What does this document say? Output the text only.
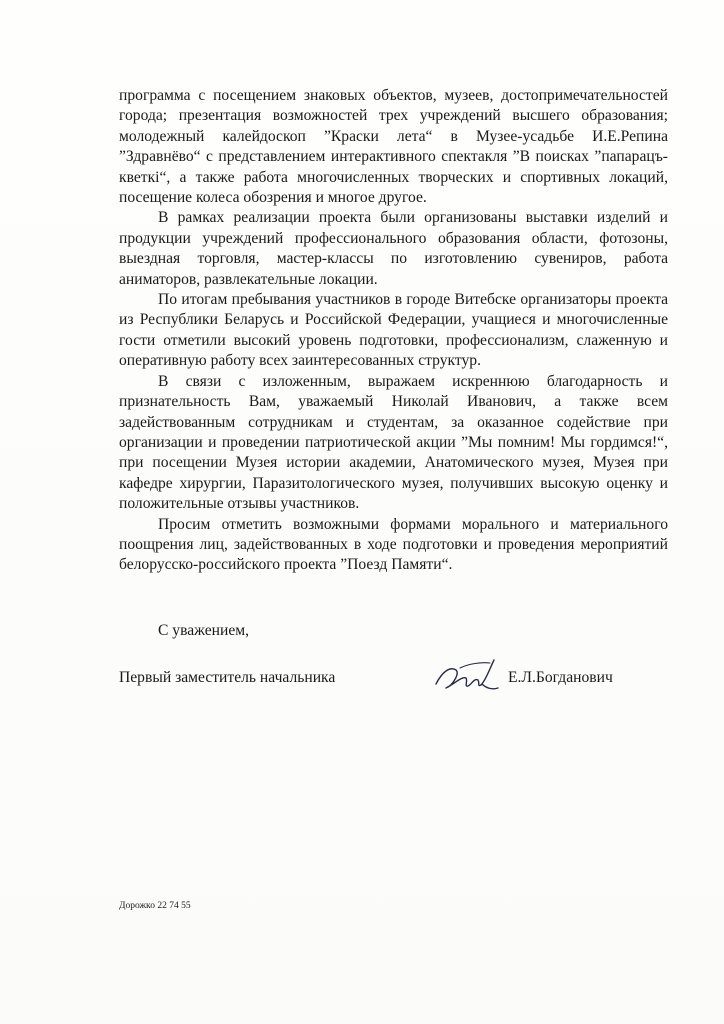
программа с посещением знаковых объектов, музеев, достопримечательностей города; презентация возможностей трех учреждений высшего образования; молодежный калейдоскоп ”Краски лета“ в Музее-усадьбе И.Е.Репина ”Здравнёво“ с представлением интерактивного спектакля ”В поисках ”папарацъ-кветкi“, а также работа многочисленных творческих и спортивных локаций, посещение колеса обозрения и многое другое.

В рамках реализации проекта были организованы выставки изделий и продукции учреждений профессионального образования области, фотозоны, выездная торговля, мастер-классы по изготовлению сувениров, работа аниматоров, развлекательные локации.

По итогам пребывания участников в городе Витебске организаторы проекта из Республики Беларусь и Российской Федерации, учащиеся и многочисленные гости отметили высокий уровень подготовки, профессионализм, слаженную и оперативную работу всех заинтересованных структур.

В связи с изложенным, выражаем искреннюю благодарность и признательность Вам, уважаемый Николай Иванович, а также всем задействованным сотрудникам и студентам, за оказанное содействие при организации и проведении патриотической акции ”Мы помним! Мы гордимся!“, при посещении Музея истории академии, Анатомического музея, Музея при кафедре хирургии, Паразитологического музея, получивших высокую оценку и положительные отзывы участников.

Просим отметить возможными формами морального и материального поощрения лиц, задействованных в ходе подготовки и проведения мероприятий белорусско-российского проекта ”Поезд Памяти“.

С уважением,
Первый заместитель начальника	Е.Л.Богданович
Дорожко 22 74 55
